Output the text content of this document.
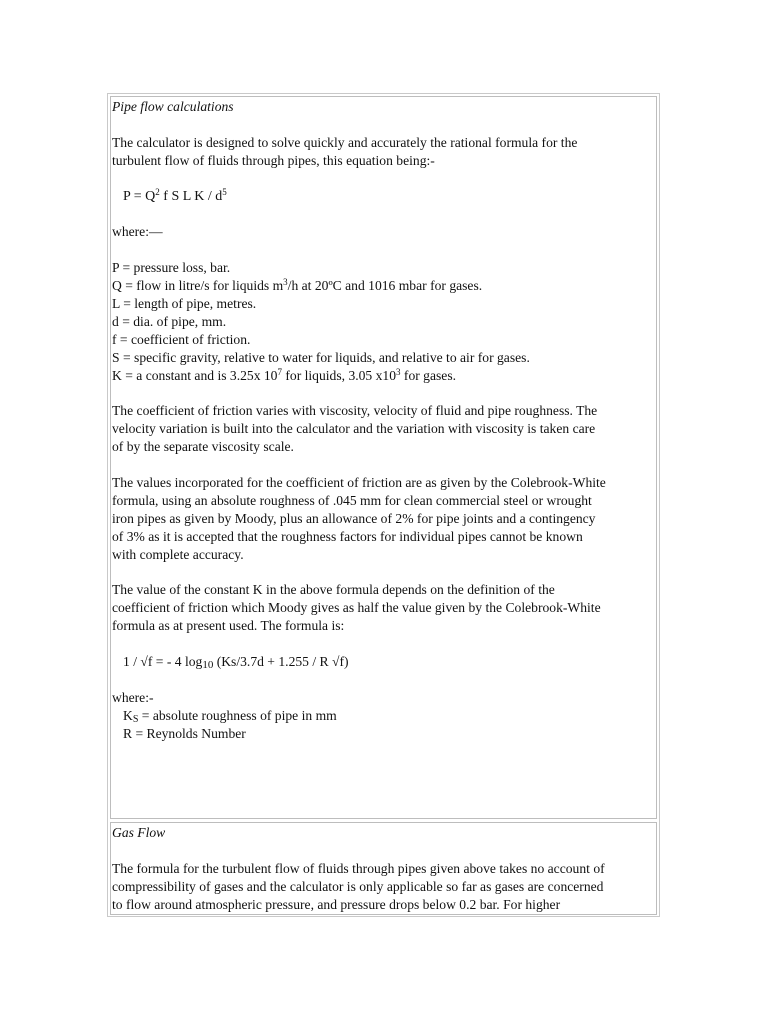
Pipe flow calculations

The calculator is designed to solve quickly and accurately the rational formula for the

turbulent flow of fluids through pipes, this equation being:-

$P = Q^2$ f S L K / $d^5$

where:—

P = pressure loss, bar.

Q = flow in litre/s for liquids $m^3/h$ at 20ºC and 1016 mbar for gases.

L = length of pipe, metres.

d = dia. of pipe, mm.

f = coefficient of friction.

S = specific gravity, relative to water for liquids, and relative to air for gases.

K = a constant and is 3.25x $10^7$ for liquids, 3.05 $x10^3$ for gases.

The coefficient of friction varies with viscosity, velocity of fluid and pipe roughness. The

velocity variation is built into the calculator and the variation with viscosity is taken care

of by the separate viscosity scale.

The values incorporated for the coefficient of friction are as given by the Colebrook-White

formula, using an absolute roughness of .045 mm for clean commercial steel or wrought

iron pipes as given by Moody, plus an allowance of 2% for pipe joints and a contingency

of 3% as it is accepted that the roughness factors for individual pipes cannot be known

with complete accuracy.

The value of the constant K in the above formula depends on the definition of the

coefficient of friction which Moody gives as half the value given by the Colebrook-White

formula as at present used. The formula is:

1 / √f = - 4 $\log_{10} (Ks/3.7d + 1.255 / R$ √f)

where:-

$K_S$ = absolute roughness of pipe in mm

R = Reynolds Number

Gas Flow

The formula for the turbulent flow of fluids through pipes given above takes no account of

compressibility of gases and the calculator is only applicable so far as gases are concerned

to flow around atmospheric pressure, and pressure drops below 0.2 bar. For higher
